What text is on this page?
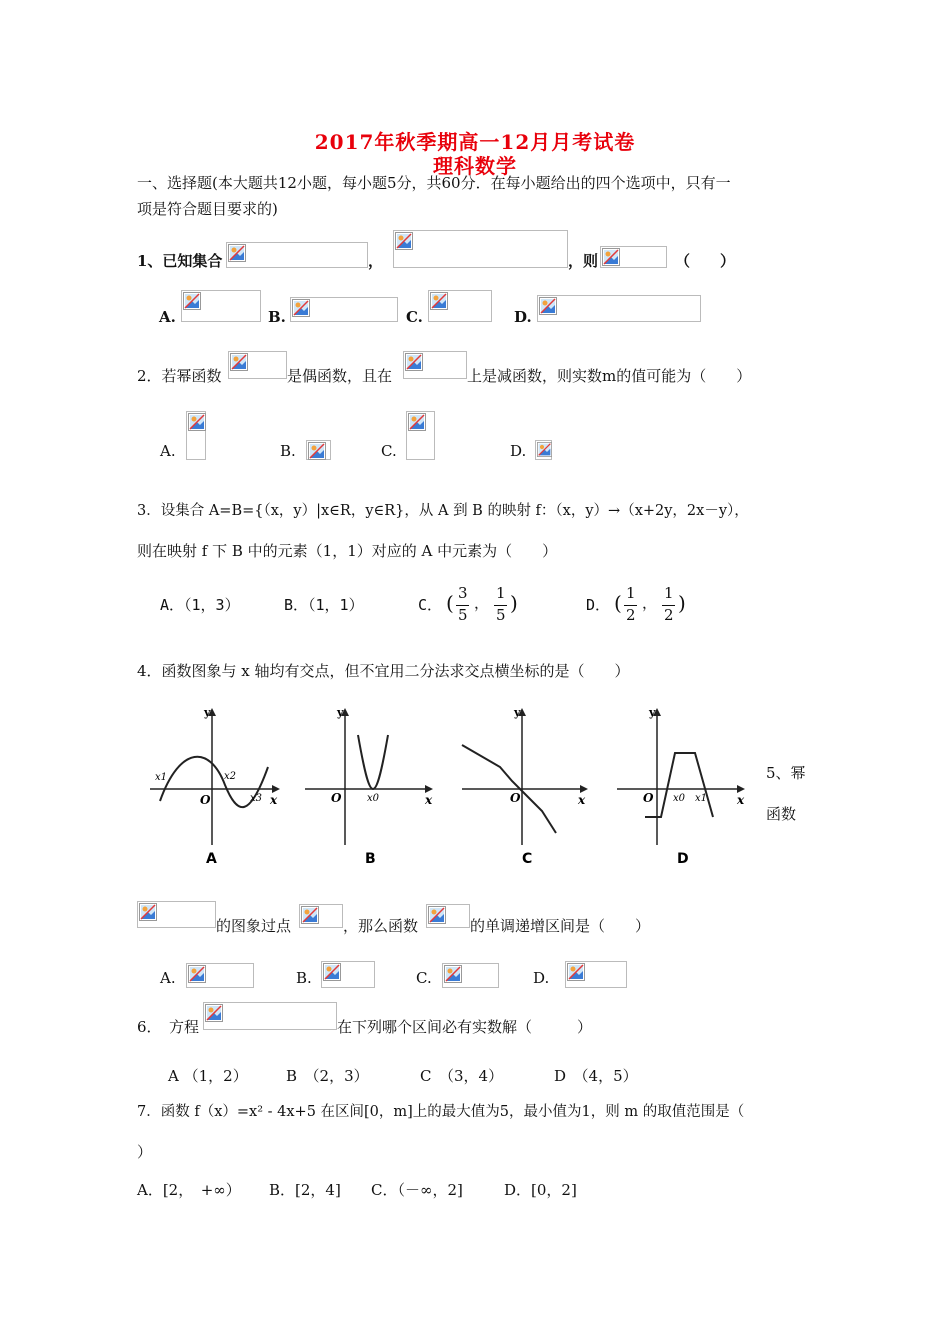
2017年秋季期高一12月月考试卷
理科数学
一、选择题(本大题共12小题，每小题5分，共60分．在每小题给出的四个选项中，只有一
项是符合题目要求的)
1、已知集合	，	，则	（　　）
A.	B.	C.	D.
2．若幂函数	是偶函数，且在	上是减函数，则实数m的值可能为（　　）
A.	B.	C.	D.
3．设集合 A=B={（x，y）|x∈R，y∈R}，从 A 到 B 的映射 f：（x，y）→（x+2y，2x－y），
则在映射 f 下 B 中的元素（1，1）对应的 A 中元素为（　　）
A．（1，3）	B．（1，1）	C． ( 3
5
，
1
5 )	D． ( 1
2
，
1
2 )
4．函数图象与 x 轴均有交点，但不宜用二分法求交点横坐标的是（　　）
y
x
O
x1	x2
x3
A
y
x
O	x0
B
y
x
O
C
y
x
O x0 x1
D
5、幂
函数
的图象过点	，那么函数	的单调递增区间是（　　）
A.	B.	C.	D.
6．　方程	在下列哪个区间必有实数解（　　　）
A （1，2）	B　（2，3）	C　（3，4）	D　（4，5）
7．函数 f（x）=x² - 4x+5 在区间[0，m]上的最大值为5，最小值为1，则 m 的取值范围是（
）
A．[2，　+∞） B．[2，4] C．（－∞，2]	D．[0，2]
